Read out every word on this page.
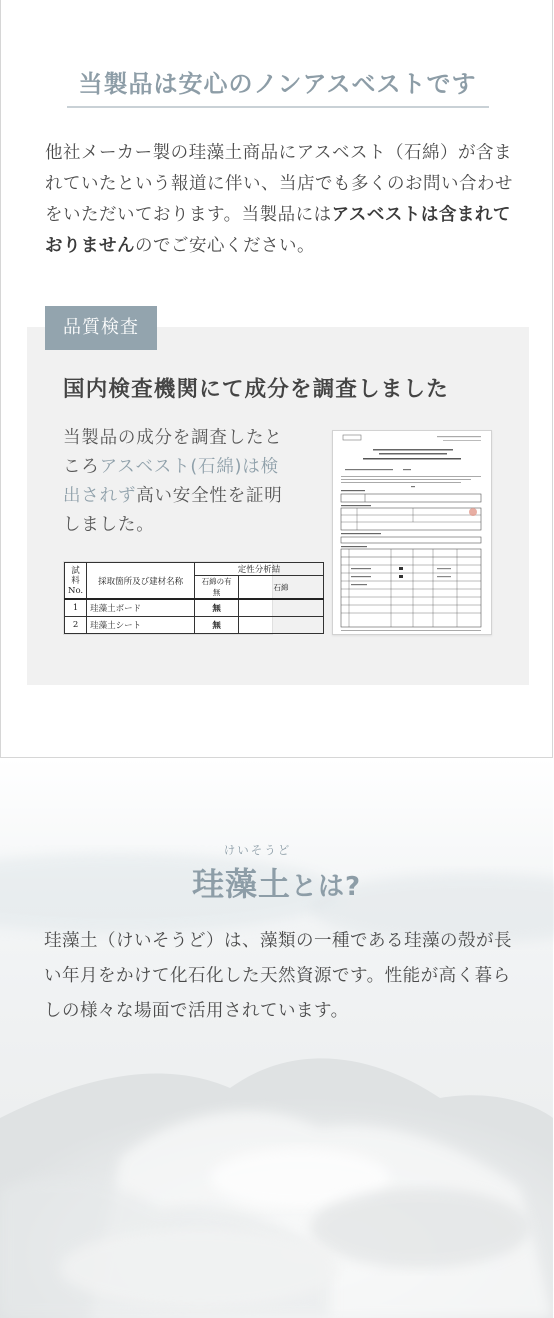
当製品は安心のノンアスベストです

他社メーカー製の珪藻土商品にアスベスト（石綿）が含まれていたという報道に伴い、当店でも多くのお問い合わせをいただいております。当製品にはアスベストは含まれておりませんのでご安心ください。

品質検査
国内検査機関にて成分を調査しました

当製品の成分を調査したところアスベスト(石綿)は検出されず高い安全性を証明しました。

試料No.	採取箇所及び建材名称	定性分析結	
		石綿の有無	石綿
1	珪藻土ボード	無	
2	珪藻土シート	無	
けいそうど
珪藻土とは?

珪藻土（けいそうど）は、藻類の一種である珪藻の殻が長い年月をかけて化石化した天然資源です。性能が高く暮らしの様々な場面で活用されています。
